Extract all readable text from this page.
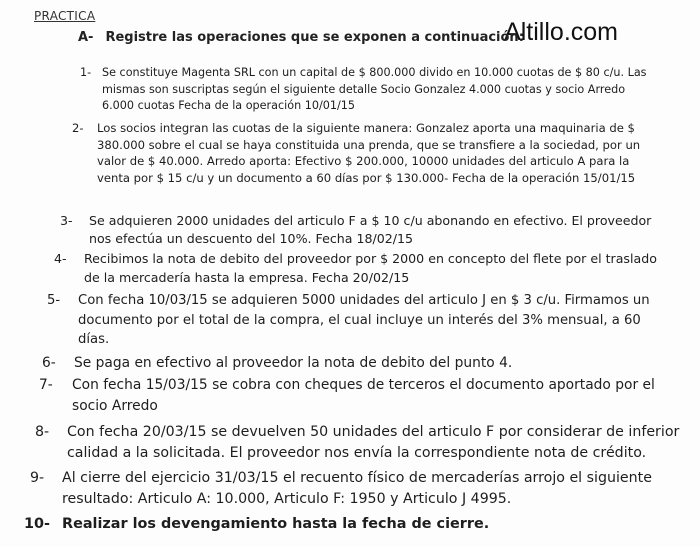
PRACTICA
Altillo.com
A- Registre las operaciones que se exponen a continuación:
1- Se constituye Magenta SRL con un capital de $ 800.000 divido en 10.000 cuotas de $ 80 c/u. Las mismas son suscriptas según el siguiente detalle Socio Gonzalez 4.000 cuotas y socio Arredo 6.000 cuotas Fecha de la operación 10/01/15
2-	Los socios integran las cuotas de la siguiente manera: Gonzalez aporta una maquinaria de $ 380.000 sobre el cual se haya constituida una prenda, que se transfiere a la sociedad, por un valor de $ 40.000. Arredo aporta: Efectivo $ 200.000, 10000 unidades del articulo A para la venta por $ 15 c/u y un documento a 60 días por $ 130.000- Fecha de la operación 15/01/15
3-	Se adquieren 2000 unidades del articulo F a $ 10 c/u abonando en efectivo. El proveedor nos efectúa un descuento del 10%. Fecha 18/02/15
4-	Recibimos la nota de debito del proveedor por $ 2000 en concepto del flete por el traslado de la mercadería hasta la empresa. Fecha 20/02/15
5-	Con fecha 10/03/15 se adquieren 5000 unidades del articulo J en $ 3 c/u. Firmamos un documento por el total de la compra, el cual incluye un interés del 3% mensual, a 60 días.
6-	Se paga en efectivo al proveedor la nota de debito del punto 4.
7-	Con fecha 15/03/15 se cobra con cheques de terceros el documento aportado por el socio Arredo
8-	Con fecha 20/03/15 se devuelven 50 unidades del articulo F por considerar de inferior calidad a la solicitada. El proveedor nos envía la correspondiente nota de crédito.
9-	Al cierre del ejercicio 31/03/15 el recuento físico de mercaderías arrojo el siguiente resultado: Articulo A: 10.000, Articulo F: 1950 y Articulo J 4995.
10- Realizar los devengamiento hasta la fecha de cierre.
